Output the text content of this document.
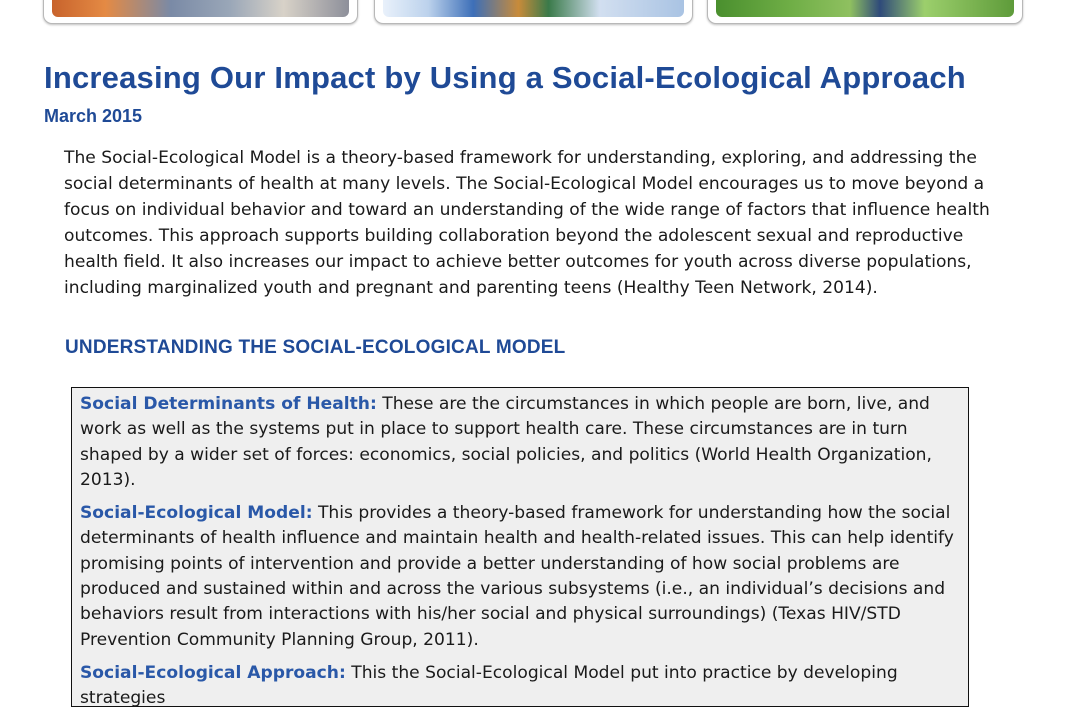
Increasing Our Impact by Using a Social-Ecological Approach
March 2015

The Social-Ecological Model is a theory-based framework for understanding, exploring, and addressing the social determinants of health at many levels. The Social-Ecological Model encourages us to move beyond a focus on individual behavior and toward an understanding of the wide range of factors that influence health outcomes. This approach supports building collaboration beyond the adolescent sexual and reproductive health field. It also increases our impact to achieve better outcomes for youth across diverse populations, including marginalized youth and pregnant and parenting teens (Healthy Teen Network, 2014).

UNDERSTANDING THE SOCIAL-ECOLOGICAL MODEL

Social Determinants of Health: These are the circumstances in which people are born, live, and work as well as the systems put in place to support health care. These circumstances are in turn shaped by a wider set of forces: economics, social policies, and politics (World Health Organization, 2013).

Social-Ecological Model: This provides a theory-based framework for understanding how the social determinants of health influence and maintain health and health-related issues. This can help identify promising points of intervention and provide a better understanding of how social problems are produced and sustained within and across the various subsystems (i.e., an individual’s decisions and behaviors result from interactions with his/her social and physical surroundings) (Texas HIV/STD Prevention Community Planning Group, 2011).

Social-Ecological Approach: This the Social-Ecological Model put into practice by developing strategies
